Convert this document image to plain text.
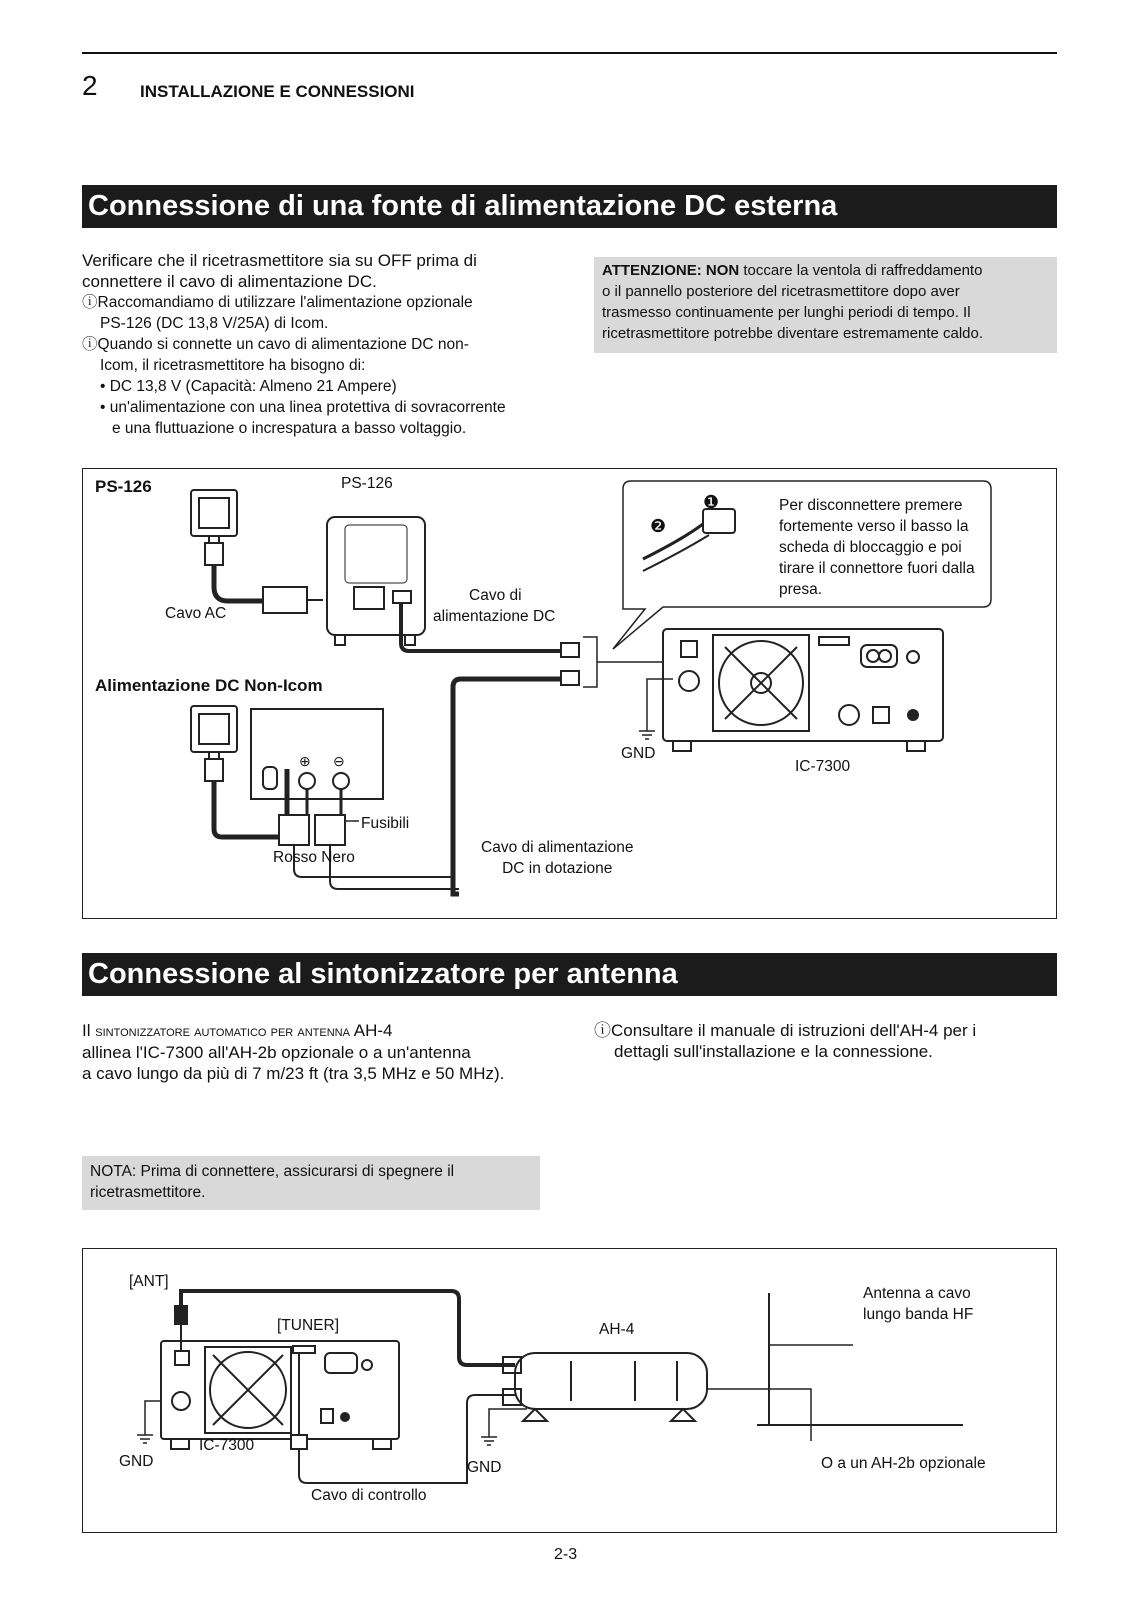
2 INSTALLAZIONE E CONNESSIONI
Connessione di una fonte di alimentazione DC esterna
Verificare che il ricetrasmettitore sia su OFF prima di
connettere il cavo di alimentazione DC.
ⓘRaccomandiamo di utilizzare l'alimentazione opzionale
PS-126 (DC 13,8 V/25A) di Icom.
ⓘQuando si connette un cavo di alimentazione DC non-
Icom, il ricetrasmettitore ha bisogno di:
• DC 13,8 V (Capacità: Almeno 21 Ampere)
• un'alimentazione con una linea protettiva di sovracorrente
e una fluttuazione o increspatura a basso voltaggio.
ATTENZIONE: NON toccare la ventola di raffreddamento
o il pannello posteriore del ricetrasmettitore dopo aver
trasmesso continuamente per lunghi periodi di tempo. Il
ricetrasmettitore potrebbe diventare estremamente caldo.
PS-126	PS-126
Cavo AC
Cavo di
alimentazione DC
❶
❷
Per disconnettere premere
fortemente verso il basso la
scheda di bloccaggio e poi
tirare il connettore fuori dalla
presa.
Alimentazione DC Non-Icom
GND
IC-7300
⊕ ⊖
Fusibili
Rosso Nero
Cavo di alimentazione
DC in dotazione
Connessione al sintonizzatore per antenna
Il sintonizzatore automatico per antenna AH-4
allinea l'IC-7300 all'AH-2b opzionale o a un'antenna
a cavo lungo da più di 7 m/23 ft (tra 3,5 MHz e 50 MHz).
ⓘConsultare il manuale di istruzioni dell'AH-4 per i
dettagli sull'installazione e la connessione.
NOTA: Prima di connettere, assicurarsi di spegnere il
ricetrasmettitore.
[ANT]
[TUNER]	AH-4
Antenna a cavo
lungo banda HF
GND
IC-7300
GND
Cavo di controllo
O a un AH-2b opzionale
2-3
